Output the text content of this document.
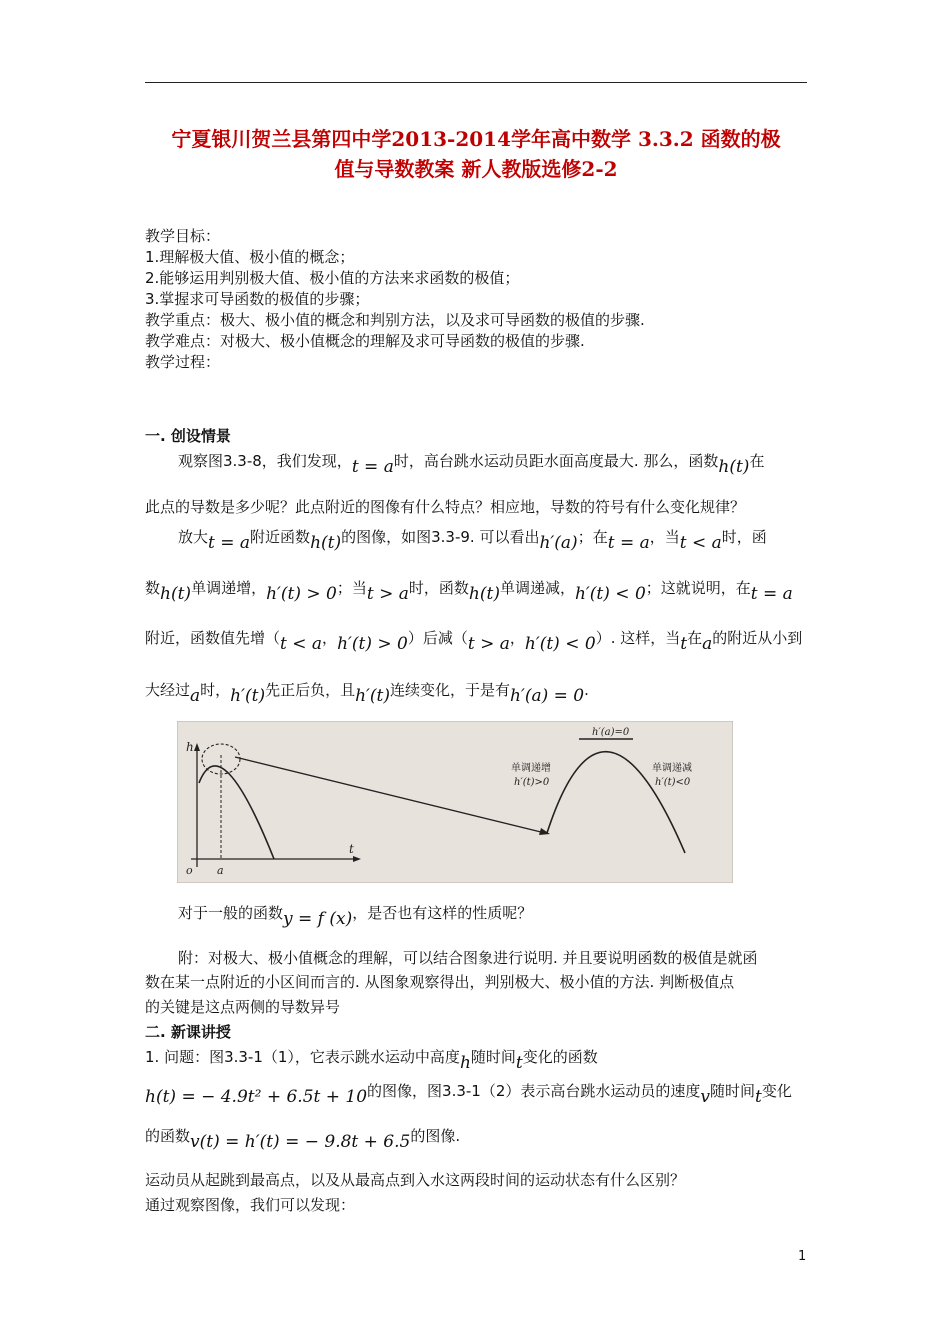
宁夏银川贺兰县第四中学2013-2014学年高中数学 3.3.2 函数的极
值与导数教案 新人教版选修2-2
教学目标：
1.理解极大值、极小值的概念；
2.能够运用判别极大值、极小值的方法来求函数的极值；
3.掌握求可导函数的极值的步骤；
教学重点：极大、极小值的概念和判别方法，以及求可导函数的极值的步骤.
教学难点：对极大、极小值概念的理解及求可导函数的极值的步骤.
教学过程：
一. 创设情景
观察图3.3-8，我们发现，t = a时，高台跳水运动员距水面高度最大. 那么，函数h(t)在
此点的导数是多少呢？此点附近的图像有什么特点？相应地，导数的符号有什么变化规律？
放大t = a附近函数h(t)的图像，如图3.3-9. 可以看出h′(a)；在t = a，当t < a时，函
数h(t)单调递增，h′(t) > 0；当t > a时，函数h(t)单调递减，h′(t) < 0；这就说明，在t = a
附近，函数值先增（t < a，h′(t) > 0）后减（t > a，h′(t) < 0）. 这样，当t在a的附近从小到
大经过a时，h′(t)先正后负，且h′(t)连续变化，于是有h′(a) = 0.
h
t
o a
h′(a)=0
单调递增
h′(t)>0
单调递减
h′(t)<0
对于一般的函数y = f (x)，是否也有这样的性质呢？
附：对极大、极小值概念的理解，可以结合图象进行说明. 并且要说明函数的极值是就函
数在某一点附近的小区间而言的. 从图象观察得出，判别极大、极小值的方法. 判断极值点
的关键是这点两侧的导数异号
二. 新课讲授
1. 问题：图3.3-1（1），它表示跳水运动中高度h随时间t变化的函数
h(t) = − 4.9t² + 6.5t + 10的图像，图3.3-1（2）表示高台跳水运动员的速度v随时间t变化
的函数v(t) = h′(t) = − 9.8t + 6.5的图像.
运动员从起跳到最高点，以及从最高点到入水这两段时间的运动状态有什么区别？
通过观察图像，我们可以发现：
1
